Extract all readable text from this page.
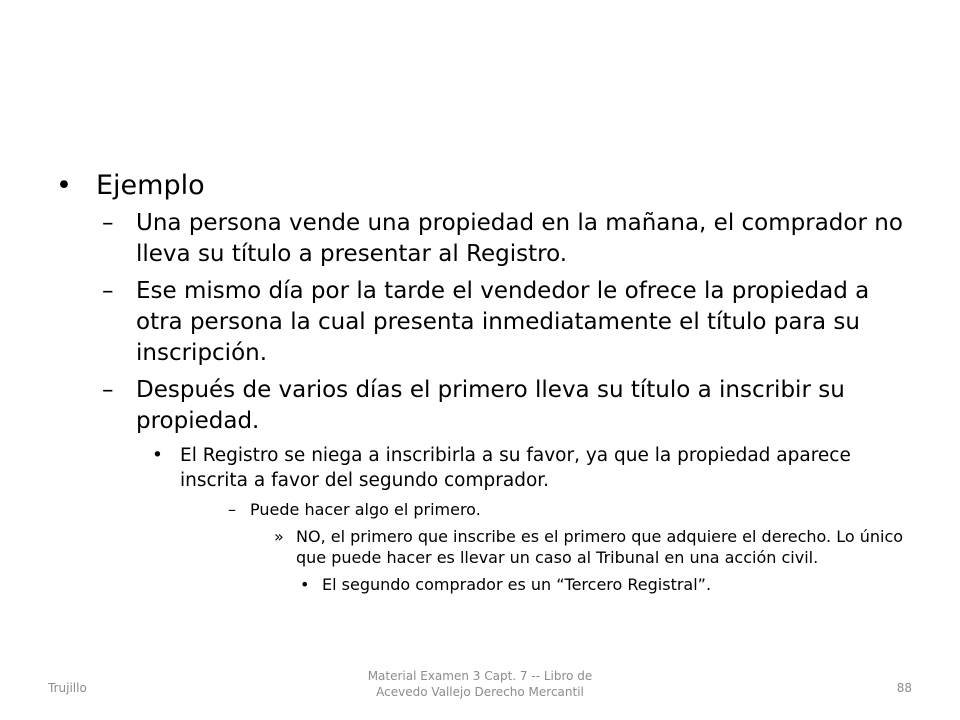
• Ejemplo
– Una persona vende una propiedad en la mañana, el comprador no lleva su título a presentar al Registro.
– Ese mismo día por la tarde el vendedor le ofrece la propiedad a otra persona la cual presenta inmediatamente el título para su inscripción.
– Después de varios días el primero lleva su título a inscribir su propiedad.
• El Registro se niega a inscribirla a su favor, ya que la propiedad aparece inscrita a favor del segundo comprador.
– Puede hacer algo el primero.
» NO, el primero que inscribe es el primero que adquiere el derecho. Lo único que puede hacer es llevar un caso al Tribunal en una acción civil.
• El segundo comprador es un “Tercero Registral”.
Trujillo
Material Examen 3 Capt. 7 -- Libro de
Acevedo Vallejo Derecho Mercantil	88
